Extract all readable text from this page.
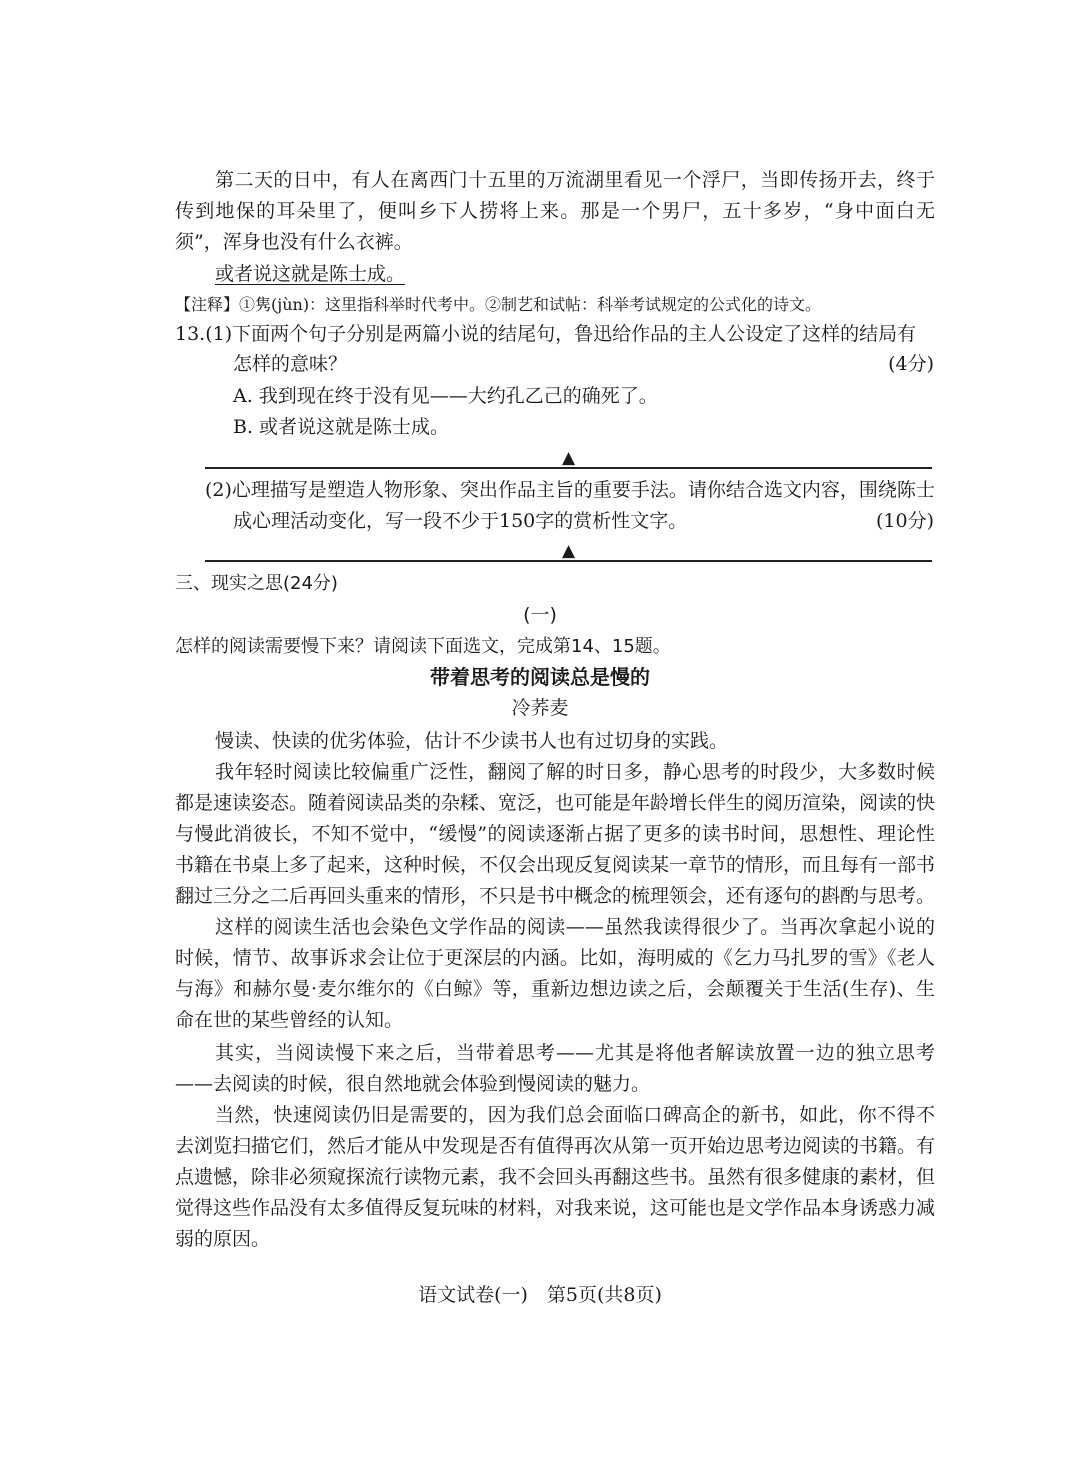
第二天的日中，有人在离西门十五里的万流湖里看见一个浮尸，当即传扬开去，终于传到地保的耳朵里了，便叫乡下人捞将上来。那是一个男尸，五十多岁，“身中面白无须”，浑身也没有什么衣裤。

或者说这就是陈士成。

【注释】①隽(jùn)：这里指科举时代考中。②制艺和试帖：科举考试规定的公式化的诗文。

13.(1)下面两个句子分别是两篇小说的结尾句，鲁迅给作品的主人公设定了这样的结局有

怎样的意味？	(4分)

A. 我到现在终于没有见——大约孔乙己的确死了。

B. 或者说这就是陈士成。

▲

(2)心理描写是塑造人物形象、突出作品主旨的重要手法。请你结合选文内容，围绕陈士

成心理活动变化，写一段不少于150字的赏析性文字。	(10分)
▲

三、现实之思(24分)

(一)

怎样的阅读需要慢下来？请阅读下面选文，完成第14、15题。

带着思考的阅读总是慢的

冷荞麦

慢读、快读的优劣体验，估计不少读书人也有过切身的实践。

我年轻时阅读比较偏重广泛性，翻阅了解的时日多，静心思考的时段少，大多数时候都是速读姿态。随着阅读品类的杂糅、宽泛，也可能是年龄增长伴生的阅历渲染，阅读的快与慢此消彼长，不知不觉中，“缓慢”的阅读逐渐占据了更多的读书时间，思想性、理论性书籍在书桌上多了起来，这种时候，不仅会出现反复阅读某一章节的情形，而且每有一部书翻过三分之二后再回头重来的情形，不只是书中概念的梳理领会，还有逐句的斟酌与思考。

这样的阅读生活也会染色文学作品的阅读——虽然我读得很少了。当再次拿起小说的时候，情节、故事诉求会让位于更深层的内涵。比如，海明威的《乞力马扎罗的雪》《老人与海》和赫尔曼·麦尔维尔的《白鲸》等，重新边想边读之后，会颠覆关于生活(生存)、生命在世的某些曾经的认知。

其实，当阅读慢下来之后，当带着思考——尤其是将他者解读放置一边的独立思考——去阅读的时候，很自然地就会体验到慢阅读的魅力。

当然，快速阅读仍旧是需要的，因为我们总会面临口碑高企的新书，如此，你不得不去浏览扫描它们，然后才能从中发现是否有值得再次从第一页开始边思考边阅读的书籍。有点遗憾，除非必须窥探流行读物元素，我不会回头再翻这些书。虽然有很多健康的素材，但觉得这些作品没有太多值得反复玩味的材料，对我来说，这可能也是文学作品本身诱惑力减弱的原因。

语文试卷(一)　第5页(共8页)
